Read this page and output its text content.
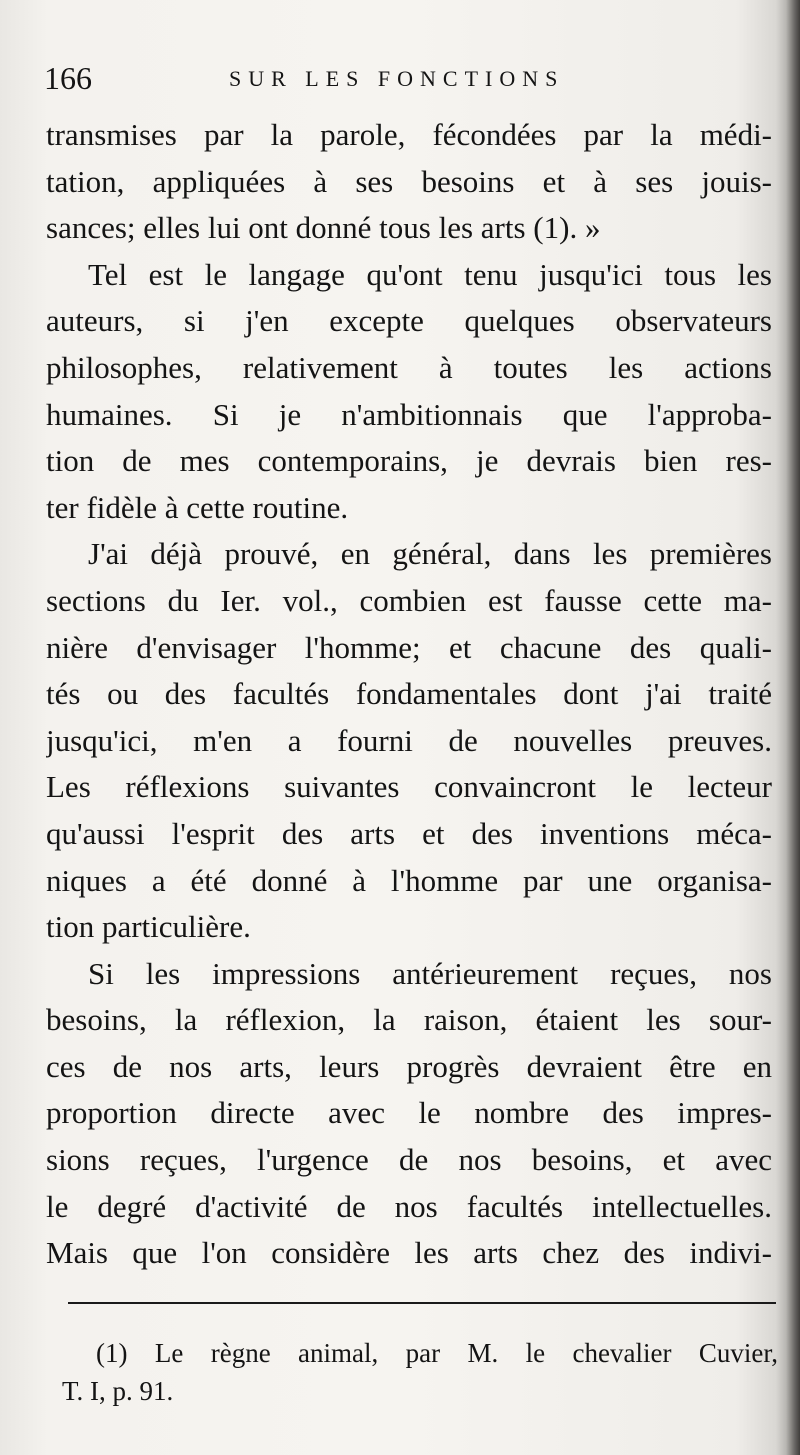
166	SUR LES FONCTIONS
transmises par la parole, fécondées par la médi-
tation, appliquées à ses besoins et à ses jouis-
sances; elles lui ont donné tous les arts (1). »
Tel est le langage qu'ont tenu jusqu'ici tous les
auteurs, si j'en excepte quelques observateurs
philosophes, relativement à toutes les actions
humaines. Si je n'ambitionnais que l'approba-
tion de mes contemporains, je devrais bien res-
ter fidèle à cette routine.
J'ai déjà prouvé, en général, dans les premières
sections du Ier. vol., combien est fausse cette ma-
nière d'envisager l'homme; et chacune des quali-
tés ou des facultés fondamentales dont j'ai traité
jusqu'ici, m'en a fourni de nouvelles preuves.
Les réflexions suivantes convaincront le lecteur
qu'aussi l'esprit des arts et des inventions méca-
niques a été donné à l'homme par une organisa-
tion particulière.
Si les impressions antérieurement reçues, nos
besoins, la réflexion, la raison, étaient les sour-
ces de nos arts, leurs progrès devraient être en
proportion directe avec le nombre des impres-
sions reçues, l'urgence de nos besoins, et avec
le degré d'activité de nos facultés intellectuelles.
Mais que l'on considère les arts chez des indivi-
(1) Le règne animal, par M. le chevalier Cuvier,
T. I, p. 91.
